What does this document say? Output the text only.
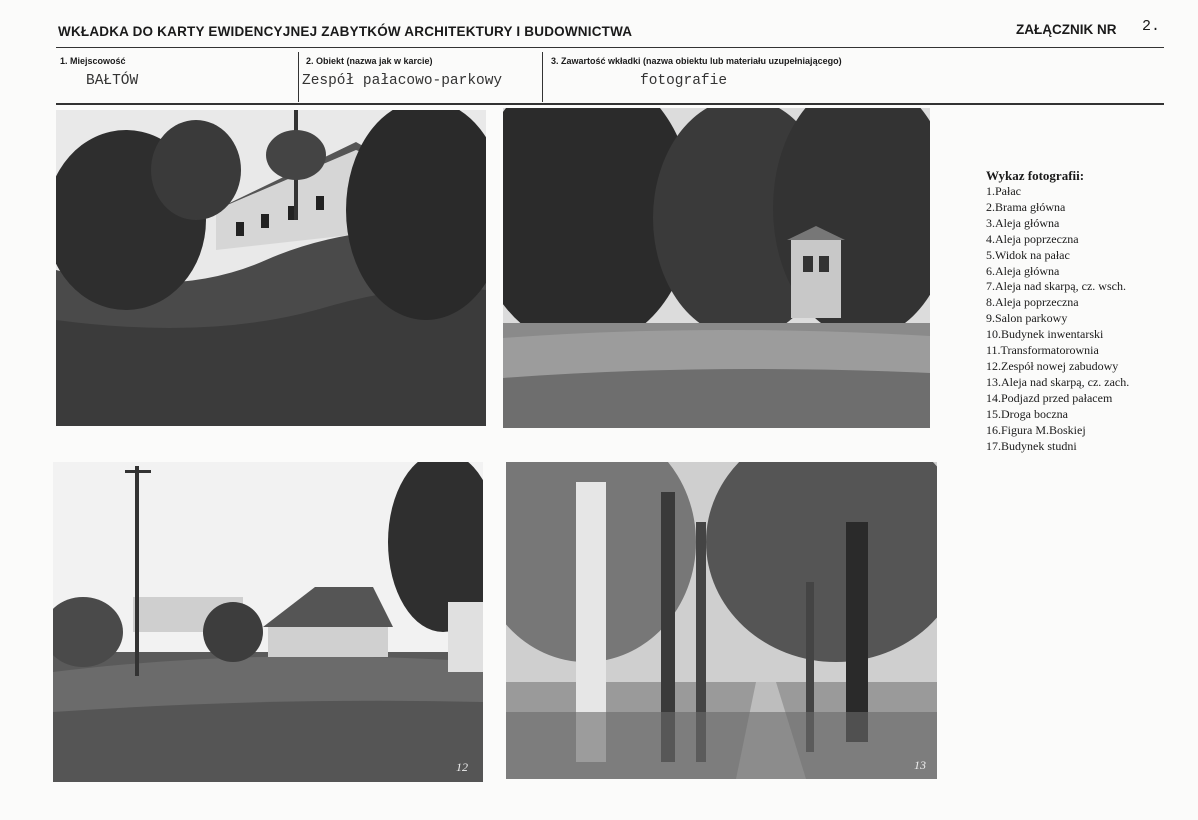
WKŁADKA DO KARTY EWIDENCYJNEJ ZABYTKÓW ARCHITEKTURY I BUDOWNICTWA	ZAŁĄCZNIK NR 2.
1. Miejscowość
BAŁTÓW
2. Obiekt (nazwa jak w karcie)
Zespół pałacowo-parkowy
3. Zawartość wkładki (nazwa obiektu lub materiału uzupełniającego)
fotografie
12	13
Wykaz fotografii:
1.Pałac
2.Brama główna
3.Aleja główna
4.Aleja poprzeczna
5.Widok na pałac
6.Aleja główna
7.Aleja nad skarpą, cz. wsch.
8.Aleja poprzeczna
9.Salon parkowy
10.Budynek inwentarski
11.Transformatorownia
12.Zespół nowej zabudowy
13.Aleja nad skarpą, cz. zach.
14.Podjazd przed pałacem
15.Droga boczna
16.Figura M.Boskiej
17.Budynek studni
